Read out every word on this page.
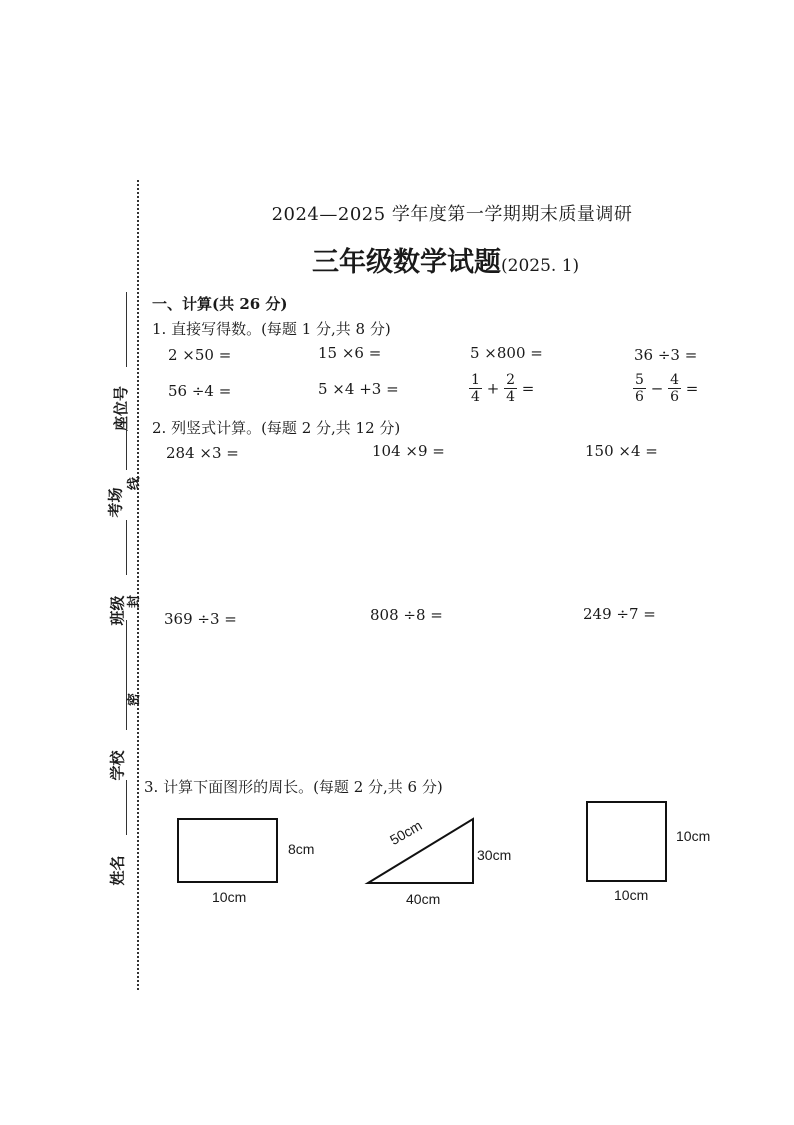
座位号
考场
班级
学校
姓名
线
封
密
2024—2025 学年度第一学期期末质量调研
三年级数学试题(2025. 1)
一、计算(共 26 分)
1. 直接写得数。(每题 1 分,共 8 分)
2 ×50 =	15 ×6 =	5 ×800 =	36 ÷3 =
56 ÷4 =	5 ×4 +3 =	$\frac{1}{4} + \frac{2}{4}$ =	$\frac{5}{6} - \frac{4}{6}$ =
2. 列竖式计算。(每题 2 分,共 12 分)
284 ×3 =	104 ×9 =	150 ×4 =
369 ÷3 =	808 ÷8 =	249 ÷7 =
3. 计算下面图形的周长。(每题 2 分,共 6 分)
8cm
10cm
50cm
30cm
40cm
10cm
10cm
